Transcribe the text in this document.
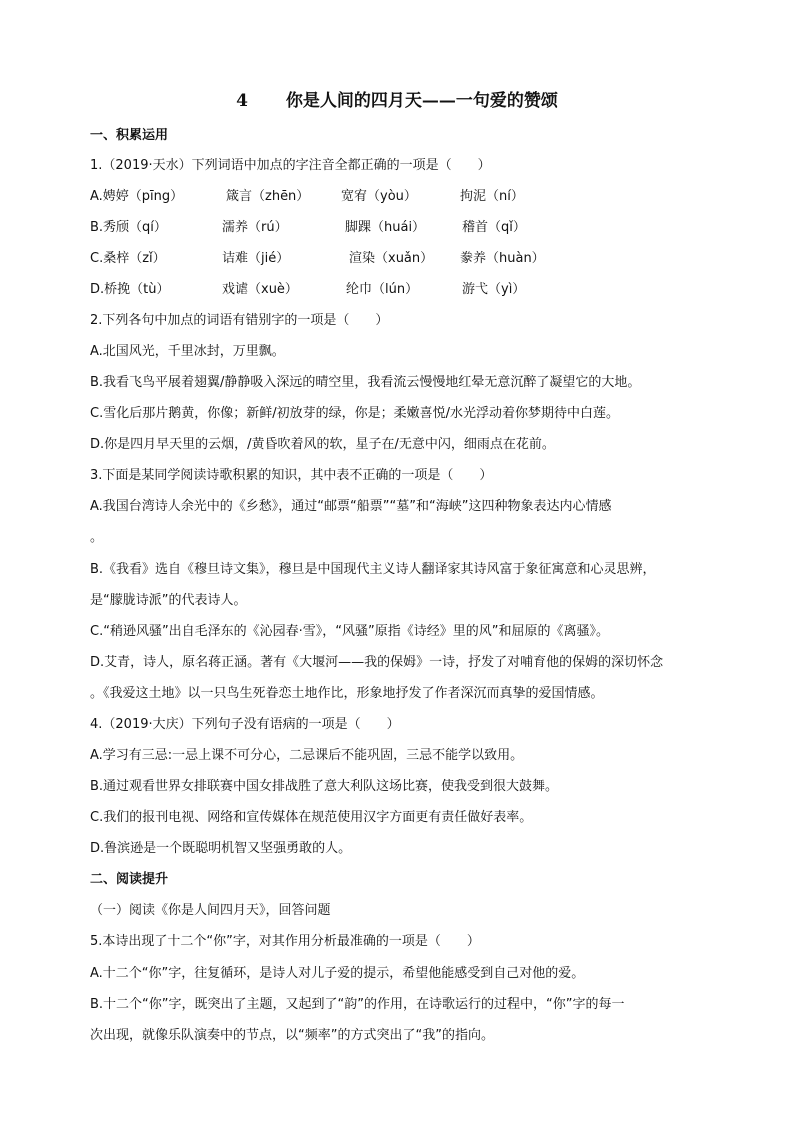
4 你是人间的四月天——一句爱的赞颂
一、积累运用
1.（2019·天水）下列词语中加点的字注音全都正确的一项是（　　）
A.娉婷（pīng）	箴言（zhēn） 宽宥（yòu）	拘泥（ní）
B.秀颀（qí）	濡养（rú）	脚踝（huái）	稽首（qǐ）
C.桑梓（zǐ）	诘难（jié）	渲染（xuǎn） 豢养（huàn）
D.桥挽（tù）	戏谑（xuè）	纶巾（lún）	游弋（yì）
2.下列各句中加点的词语有错别字的一项是（　　）
A.北国风光，千里冰封，万里飘。
B.我看飞鸟平展着翅翼/静静吸入深远的晴空里，我看流云慢慢地红晕无意沉醉了凝望它的大地。
C.雪化后那片鹅黄，你像；新鲜/初放芽的绿，你是；柔嫩喜悦/水光浮动着你梦期待中白莲。
D.你是四月早天里的云烟，/黄昏吹着风的软，星子在/无意中闪，细雨点在花前。
3.下面是某同学阅读诗歌积累的知识，其中表不正确的一项是（　　）
A.我国台湾诗人余光中的《乡愁》，通过“邮票“船票”“墓”和“海峡”这四种物象表达内心情感
。
B.《我看》选自《穆旦诗文集》，穆旦是中国现代主义诗人翻译家其诗风富于象征寓意和心灵思辨，
是“朦胧诗派”的代表诗人。
C.“稍逊风骚”出自毛泽东的《沁园春·雪》，“风骚”原指《诗经》里的风”和屈原的《离骚》。
D.艾青，诗人，原名蒋正涵。著有《大堰河——我的保姆》一诗，抒发了对哺育他的保姆的深切怀念
。《我爱这土地》以一只鸟生死眷恋土地作比，形象地抒发了作者深沉而真挚的爱国情感。
4.（2019·大庆）下列句子没有语病的一项是（　　）
A.学习有三忌:一忌上课不可分心，二忌课后不能巩固，三忌不能学以致用。
B.通过观看世界女排联赛中国女排战胜了意大利队这场比赛，使我受到很大鼓舞。
C.我们的报刊电视、网络和宣传媒体在规范使用汉字方面更有责任做好表率。
D.鲁滨逊是一个既聪明机智又坚强勇敢的人。
二、阅读提升
（一）阅读《你是人间四月天》，回答问题
5.本诗出现了十二个“你”字，对其作用分析最准确的一项是（　　）
A.十二个“你”字，往复循环，是诗人对儿子爱的提示，希望他能感受到自己对他的爱。
B.十二个“你”字，既突出了主题，又起到了“韵”的作用，在诗歌运行的过程中，“你”字的每一
次出现，就像乐队演奏中的节点，以“频率”的方式突出了“我”的指向。
